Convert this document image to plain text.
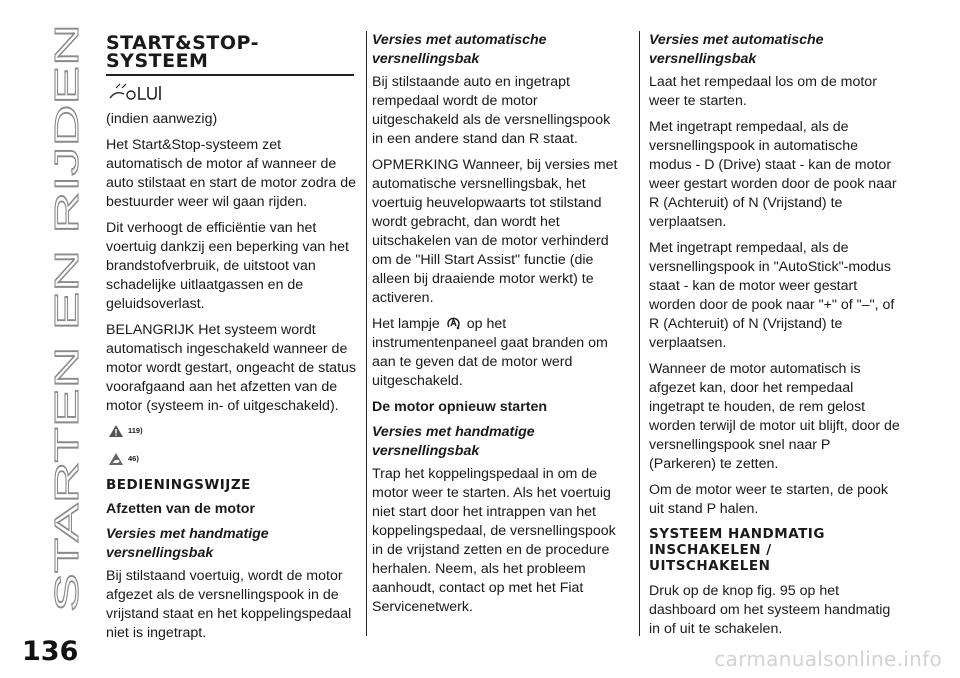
STARTEN EN RIJDEN
START&STOP-
SYSTEEM

(indien aanwezig)

Het Start&Stop-systeem zet automatisch de motor af wanneer de auto stilstaat en start de motor zodra de bestuurder weer wil gaan rijden.

Dit verhoogt de efficiëntie van het voertuig dankzij een beperking van het brandstofverbruik, de uitstoot van schadelijke uitlaatgassen en de geluidsoverlast.

BELANGRIJK Het systeem wordt automatisch ingeschakeld wanneer de motor wordt gestart, ongeacht de status voorafgaand aan het afzetten van de motor (systeem in- of uitgeschakeld).

119)
46)
BEDIENINGSWIJZE
Afzetten van de motor
Versies met handmatige versnellingsbak

Bij stilstaand voertuig, wordt de motor afgezet als de versnellingspook in de vrijstand staat en het koppelingspedaal niet is ingetrapt.

Versies met automatische versnellingsbak

Bij stilstaande auto en ingetrapt rempedaal wordt de motor uitgeschakeld als de versnellingspook in een andere stand dan R staat.

OPMERKING Wanneer, bij versies met automatische versnellingsbak, het voertuig heuvelopwaarts tot stilstand wordt gebracht, dan wordt het uitschakelen van de motor verhinderd om de "Hill Start Assist" functie (die alleen bij draaiende motor werkt) te activeren.

Het lampje op het instrumentenpaneel gaat branden om aan te geven dat de motor werd uitgeschakeld.

De motor opnieuw starten
Versies met handmatige versnellingsbak

Trap het koppelingspedaal in om de motor weer te starten. Als het voertuig niet start door het intrappen van het koppelingspedaal, de versnellingspook in de vrijstand zetten en de procedure herhalen. Neem, als het probleem aanhoudt, contact op met het Fiat Servicenetwerk.

Versies met automatische versnellingsbak

Laat het rempedaal los om de motor weer te starten.

Met ingetrapt rempedaal, als de versnellingspook in automatische modus - D (Drive) staat - kan de motor weer gestart worden door de pook naar R (Achteruit) of N (Vrijstand) te verplaatsen.

Met ingetrapt rempedaal, als de versnellingspook in "AutoStick"-modus staat - kan de motor weer gestart worden door de pook naar "+" of "–", of R (Achteruit) of N (Vrijstand) te verplaatsen.

Wanneer de motor automatisch is afgezet kan, door het rempedaal ingetrapt te houden, de rem gelost worden terwijl de motor uit blijft, door de versnellingspook snel naar P (Parkeren) te zetten.

Om de motor weer te starten, de pook uit stand P halen.

SYSTEEM HANDMATIG
INSCHAKELEN /
UITSCHAKELEN

Druk op de knop fig. 95 op het dashboard om het systeem handmatig in of uit te schakelen.

136	carmanualsonline.info
